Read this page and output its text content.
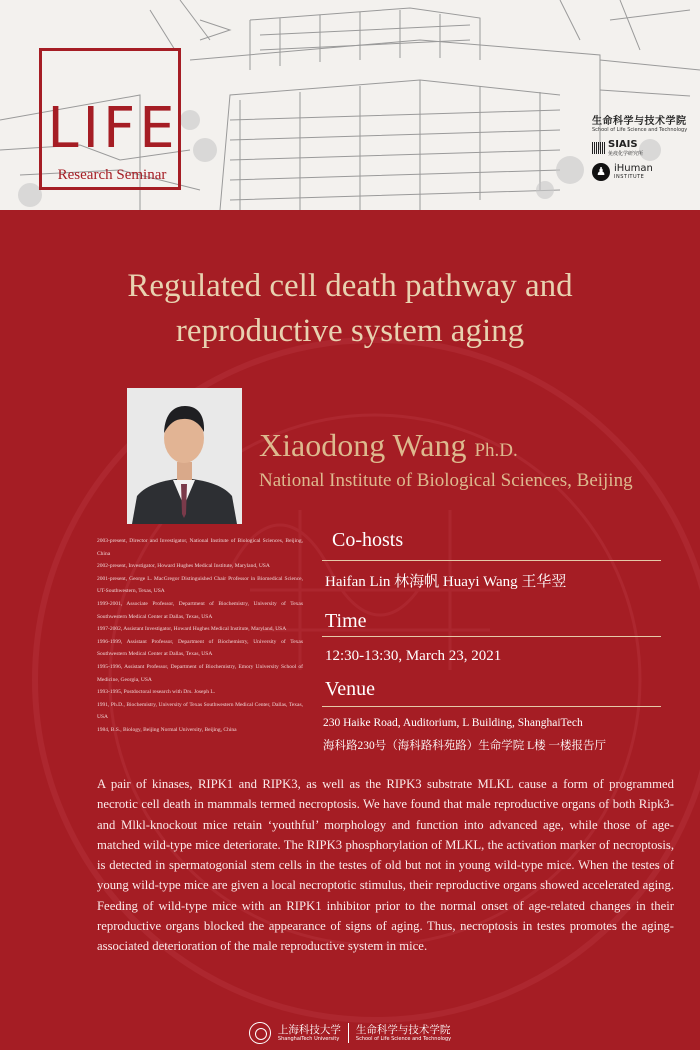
LIFE
Research Seminar
生命科学与技术学院
School of Life Science and Technology
SIAIS
免疫化学研究所
♟ iHuman
INSTITUTE
Regulated cell death pathway and
reproductive system aging
Xiaodong Wang Ph.D.
National Institute of Biological Sciences, Beijing
2003-present, Director and Investigator, National Institute of Biological Sciences, Beijing, China
2002-present, Investigator, Howard Hughes Medical Institute, Maryland, USA
2001-present, George L. MacGregor Distinguished Chair Professor in Biomedical Science, UT-Southwestern, Texas, USA
1999-2001, Associate Professor, Department of Biochemistry, University of Texas Southwestern Medical Center at Dallas, Texas, USA
1997-2002, Assistant Investigator, Howard Hughes Medical Institute, Maryland, USA
1996-1999, Assistant Professor, Department of Biochemistry, University of Texas Southwestern Medical Center at Dallas, Texas, USA
1995-1996, Assistant Professor, Department of Biochemistry, Emory University School of Medicine, Georgia, USA
1993-1995, Postdoctoral research with Drs. Joseph L.
1991, Ph.D., Biochemistry, University of Texas Southwestern Medical Center, Dallas, Texas, USA
1984, B.S., Biology, Beijing Normal University, Beijing, China
Co-hosts
Haifan Lin 林海帆 Huayi Wang 王华翌
Time
12:30-13:30, March 23, 2021
Venue
230 Haike Road, Auditorium, L Building, ShanghaiTech
海科路230号（海科路科苑路）生命学院 L楼 一楼报告厅
A pair of kinases, RIPK1 and RIPK3, as well as the RIPK3 substrate MLKL cause a form of programmed necrotic cell death in mammals termed necroptosis. We have found that male reproductive organs of both Ripk3- and Mlkl-knockout mice retain ‘youthful’ morphology and function into advanced age, while those of age-matched wild-type mice deteriorate. The RIPK3 phosphorylation of MLKL, the activation marker of necroptosis, is detected in spermatogonial stem cells in the testes of old but not in young wild-type mice. When the testes of young wild-type mice are given a local necroptotic stimulus, their reproductive organs showed accelerated aging. Feeding of wild-type mice with an RIPK1 inhibitor prior to the normal onset of age-related changes in their reproductive organs blocked the appearance of signs of aging. Thus, necroptosis in testes promotes the aging-associated deterioration of the male reproductive system in mice.
上海科技大学
ShanghaiTech University
生命科学与技术学院
School of Life Science and Technology
